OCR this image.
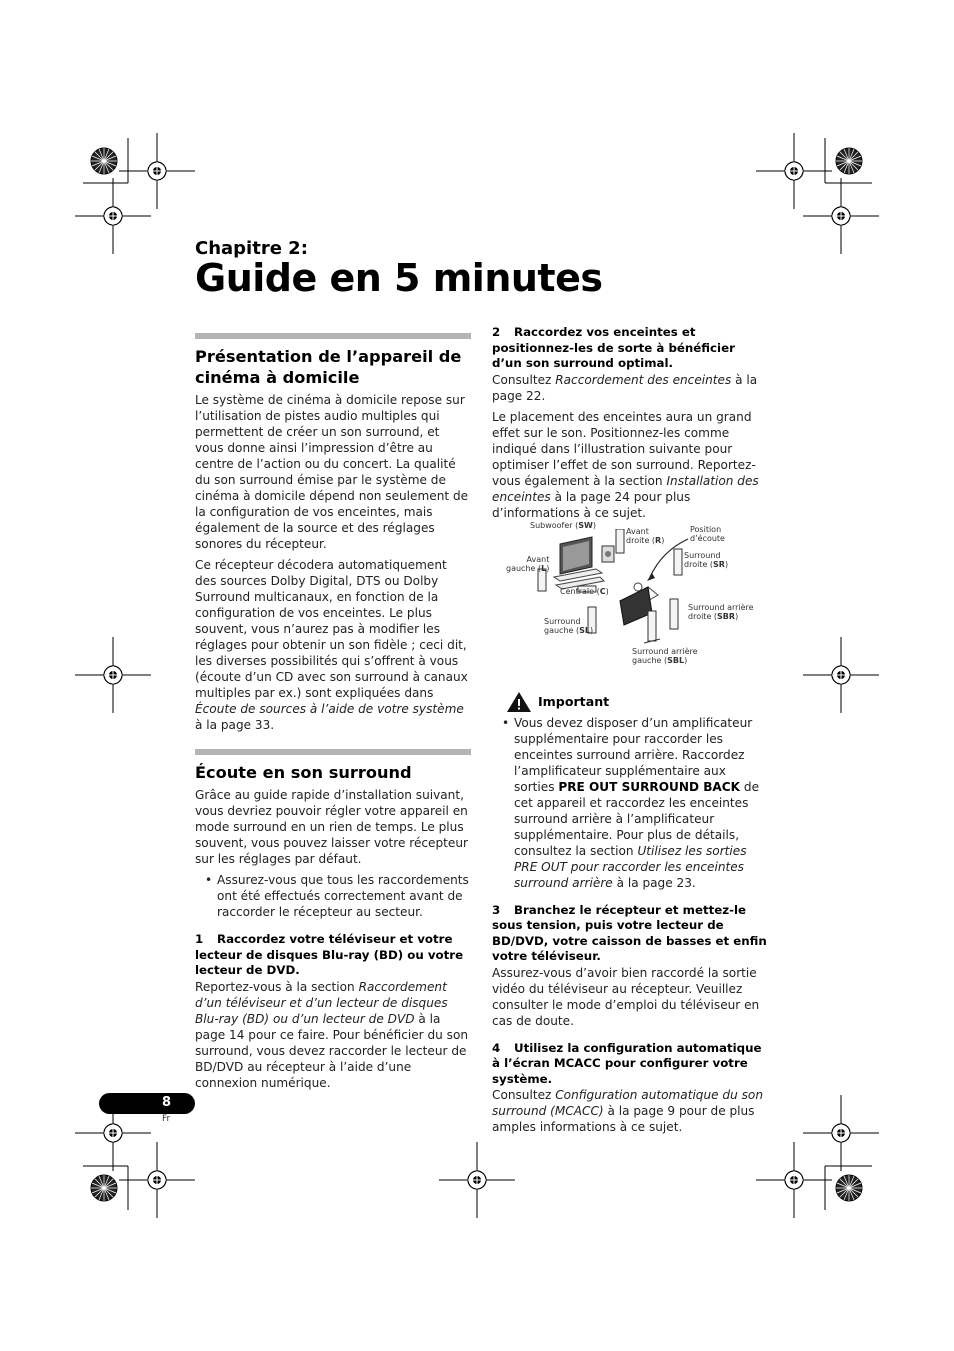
Chapitre 2:
Guide en 5 minutes
Présentation de l’appareil de cinéma à domicile

Le système de cinéma à domicile repose sur l’utilisation de pistes audio multiples qui permettent de créer un son surround, et vous donne ainsi l’impression d’être au centre de l’action ou du concert. La qualité du son surround émise par le système de cinéma à domicile dépend non seulement de la configuration de vos enceintes, mais également de la source et des réglages sonores du récepteur.

Ce récepteur décodera automatiquement des sources Dolby Digital, DTS ou Dolby Surround multicanaux, en fonction de la configuration de vos enceintes. Le plus souvent, vous n’aurez pas à modifier les réglages pour obtenir un son fidèle ; ceci dit, les diverses possibilités qui s’offrent à vous (écoute d’un CD avec son surround à canaux multiples par ex.) sont expliquées dans Écoute de sources à l’aide de votre système à la page 33.

Écoute en son surround

Grâce au guide rapide d’installation suivant, vous devriez pouvoir régler votre appareil en mode surround en un rien de temps. Le plus souvent, vous pouvez laisser votre récepteur sur les réglages par défaut.

• Assurez-vous que tous les raccordements ont été effectués correctement avant de raccorder le récepteur au secteur.
1 Raccordez votre téléviseur et votre lecteur de disques Blu-ray (BD) ou votre lecteur de DVD.

Reportez-vous à la section Raccordement d’un téléviseur et d’un lecteur de disques Blu-ray (BD) ou d’un lecteur de DVD à la page 14 pour ce faire. Pour bénéficier du son surround, vous devez raccorder le lecteur de BD/DVD au récepteur à l’aide d’une connexion numérique.

2 Raccordez vos enceintes et positionnez-les de sorte à bénéficier d’un son surround optimal.

Consultez Raccordement des enceintes à la page 22.

Le placement des enceintes aura un grand effet sur le son. Positionnez-les comme indiqué dans l’illustration suivante pour optimiser l’effet de son surround. Reportez-vous également à la section Installation des enceintes à la page 24 pour plus d’informations à ce sujet.

Subwoofer (SW)
Avant
droite (R)
Position
d’écoute
Avant
gauche (L)
Surround
droite (SR)
Centrale (C)
Surround arrière
droite (SBR)
Surround
gauche (SL)
Surround arrière
gauche (SBL)
Important
• Vous devez disposer d’un amplificateur supplémentaire pour raccorder les enceintes surround arrière. Raccordez l’amplificateur supplémentaire aux sorties PRE OUT SURROUND BACK de cet appareil et raccordez les enceintes surround arrière à l’amplificateur supplémentaire. Pour plus de détails, consultez la section Utilisez les sorties PRE OUT pour raccorder les enceintes surround arrière à la page 23.
3 Branchez le récepteur et mettez-le sous tension, puis votre lecteur de BD/DVD, votre caisson de basses et enfin votre téléviseur.

Assurez-vous d’avoir bien raccordé la sortie vidéo du téléviseur au récepteur. Veuillez consulter le mode d’emploi du téléviseur en cas de doute.

4 Utilisez la configuration automatique à l’écran MCACC pour configurer votre système.

Consultez Configuration automatique du son surround (MCACC) à la page 9 pour de plus amples informations à ce sujet.

8
Fr
